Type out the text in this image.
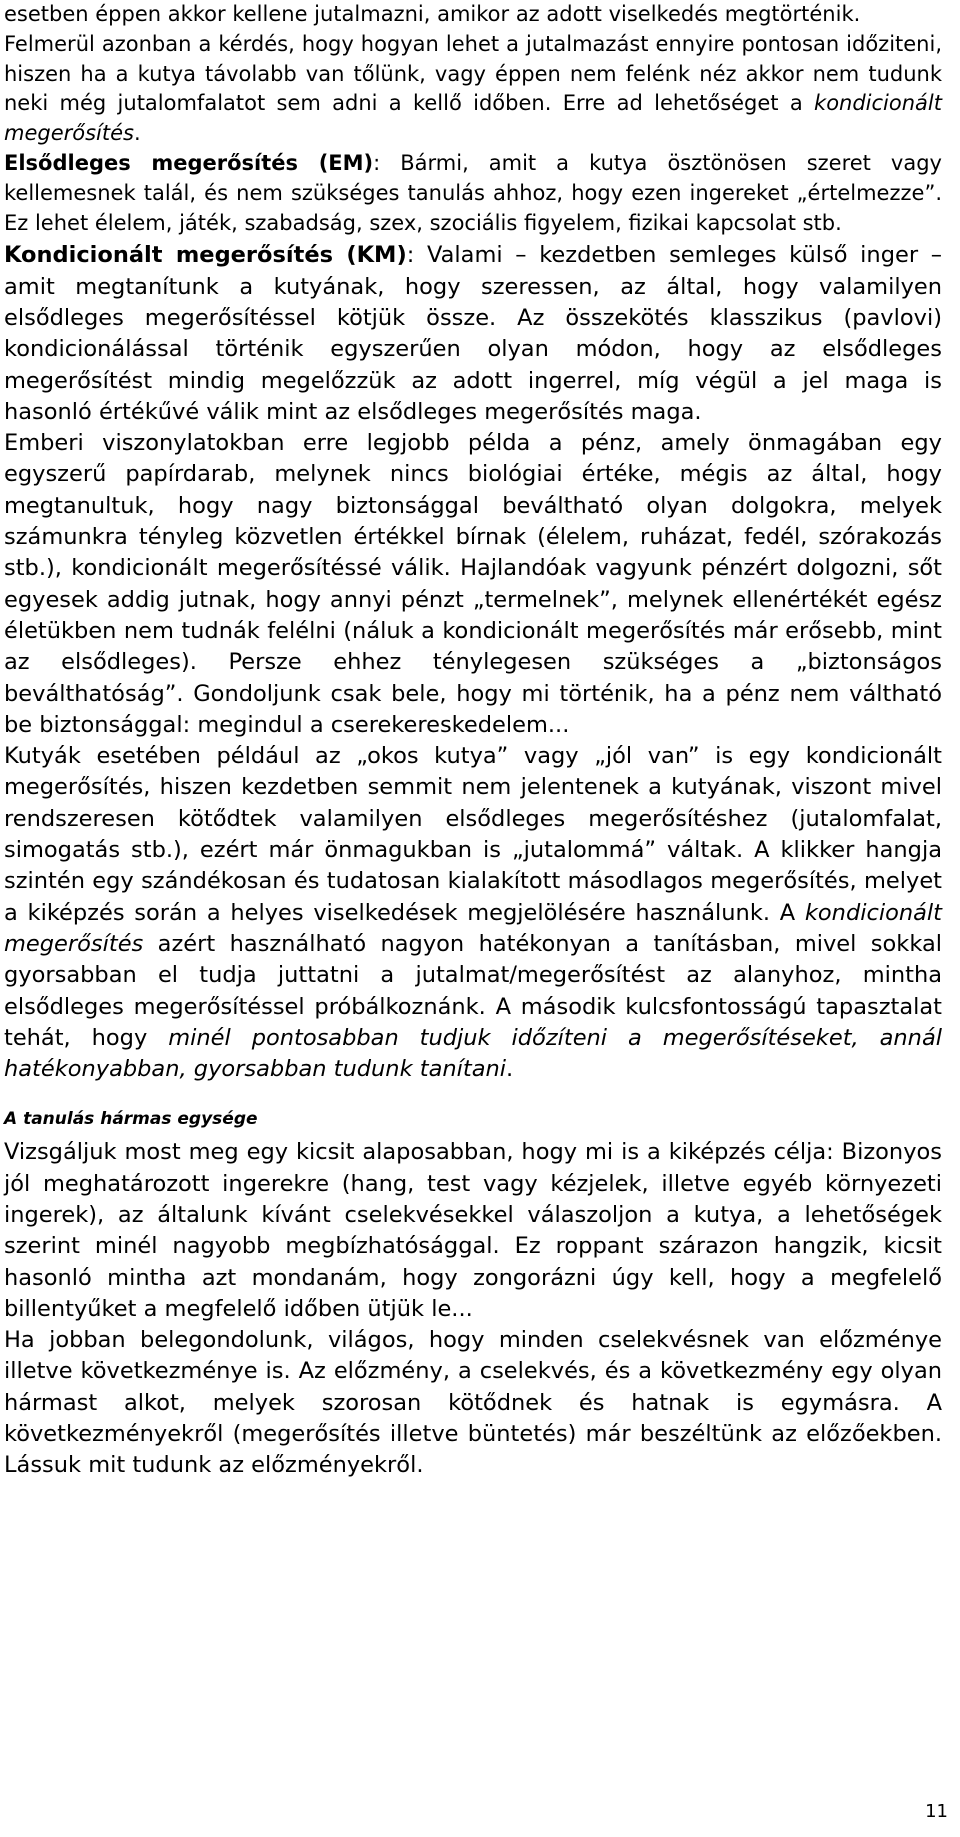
esetben éppen akkor kellene jutalmazni, amikor az adott viselkedés megtörténik.

Felmerül azonban a kérdés, hogy hogyan lehet a jutalmazást ennyire pontosan időziteni, hiszen ha a kutya távolabb van tőlünk, vagy éppen nem felénk néz akkor nem tudunk neki még jutalomfalatot sem adni a kellő időben. Erre ad lehetőséget a kondicionált megerősítés.

Elsődleges megerősítés (EM): Bármi, amit a kutya ösztönösen szeret vagy kellemesnek talál, és nem szükséges tanulás ahhoz, hogy ezen ingereket „értelmezze”. Ez lehet élelem, játék, szabadság, szex, szociális figyelem, fizikai kapcsolat stb.

Kondicionált megerősítés (KM): Valami – kezdetben semleges külső inger – amit megtanítunk a kutyának, hogy szeressen, az által, hogy valamilyen elsődleges megerősítéssel kötjük össze. Az összekötés klasszikus (pavlovi) kondicionálással történik egyszerűen olyan módon, hogy az elsődleges megerősítést mindig megelőzzük az adott ingerrel, míg végül a jel maga is hasonló értékűvé válik mint az elsődleges megerősítés maga.

Emberi viszonylatokban erre legjobb példa a pénz, amely önmagában egy egyszerű papírdarab, melynek nincs biológiai értéke, mégis az által, hogy megtanultuk, hogy nagy biztonsággal beváltható olyan dolgokra, melyek számunkra tényleg közvetlen értékkel bírnak (élelem, ruházat, fedél, szórakozás stb.), kondicionált megerősítéssé válik. Hajlandóak vagyunk pénzért dolgozni, sőt egyesek addig jutnak, hogy annyi pénzt „termelnek”, melynek ellenértékét egész életükben nem tudnák felélni (náluk a kondicionált megerősítés már erősebb, mint az elsődleges). Persze ehhez ténylegesen szükséges a „biztonságos beválthatóság”. Gondoljunk csak bele, hogy mi történik, ha a pénz nem váltható be biztonsággal: megindul a cserekereskedelem...

Kutyák esetében például az „okos kutya” vagy „jól van” is egy kondicionált megerősítés, hiszen kezdetben semmit nem jelentenek a kutyának, viszont mivel rendszeresen kötődtek valamilyen elsődleges megerősítéshez (jutalomfalat, simogatás stb.), ezért már önmagukban is „jutalommá” váltak. A klikker hangja szintén egy szándékosan és tudatosan kialakított másodlagos megerősítés, melyet a kiképzés során a helyes viselkedések megjelölésére használunk. A kondicionált megerősítés azért használható nagyon hatékonyan a tanításban, mivel sokkal gyorsabban el tudja juttatni a jutalmat/megerősítést az alanyhoz, mintha elsődleges megerősítéssel próbálkoznánk. A második kulcsfontosságú tapasztalat tehát, hogy minél pontosabban tudjuk időzíteni a megerősítéseket, annál hatékonyabban, gyorsabban tudunk tanítani.

A tanulás hármas egysége

Vizsgáljuk most meg egy kicsit alaposabban, hogy mi is a kiképzés célja: Bizonyos jól meghatározott ingerekre (hang, test vagy kézjelek, illetve egyéb környezeti ingerek), az általunk kívánt cselekvésekkel válaszoljon a kutya, a lehetőségek szerint minél nagyobb megbízhatósággal. Ez roppant szárazon hangzik, kicsit hasonló mintha azt mondanám, hogy zongorázni úgy kell, hogy a megfelelő billentyűket a megfelelő időben ütjük le...

Ha jobban belegondolunk, világos, hogy minden cselekvésnek van előzménye illetve következménye is. Az előzmény, a cselekvés, és a következmény egy olyan hármast alkot, melyek szorosan kötődnek és hatnak is egymásra. A következményekről (megerősítés illetve büntetés) már beszéltünk az előzőekben. Lássuk mit tudunk az előzményekről.

11
